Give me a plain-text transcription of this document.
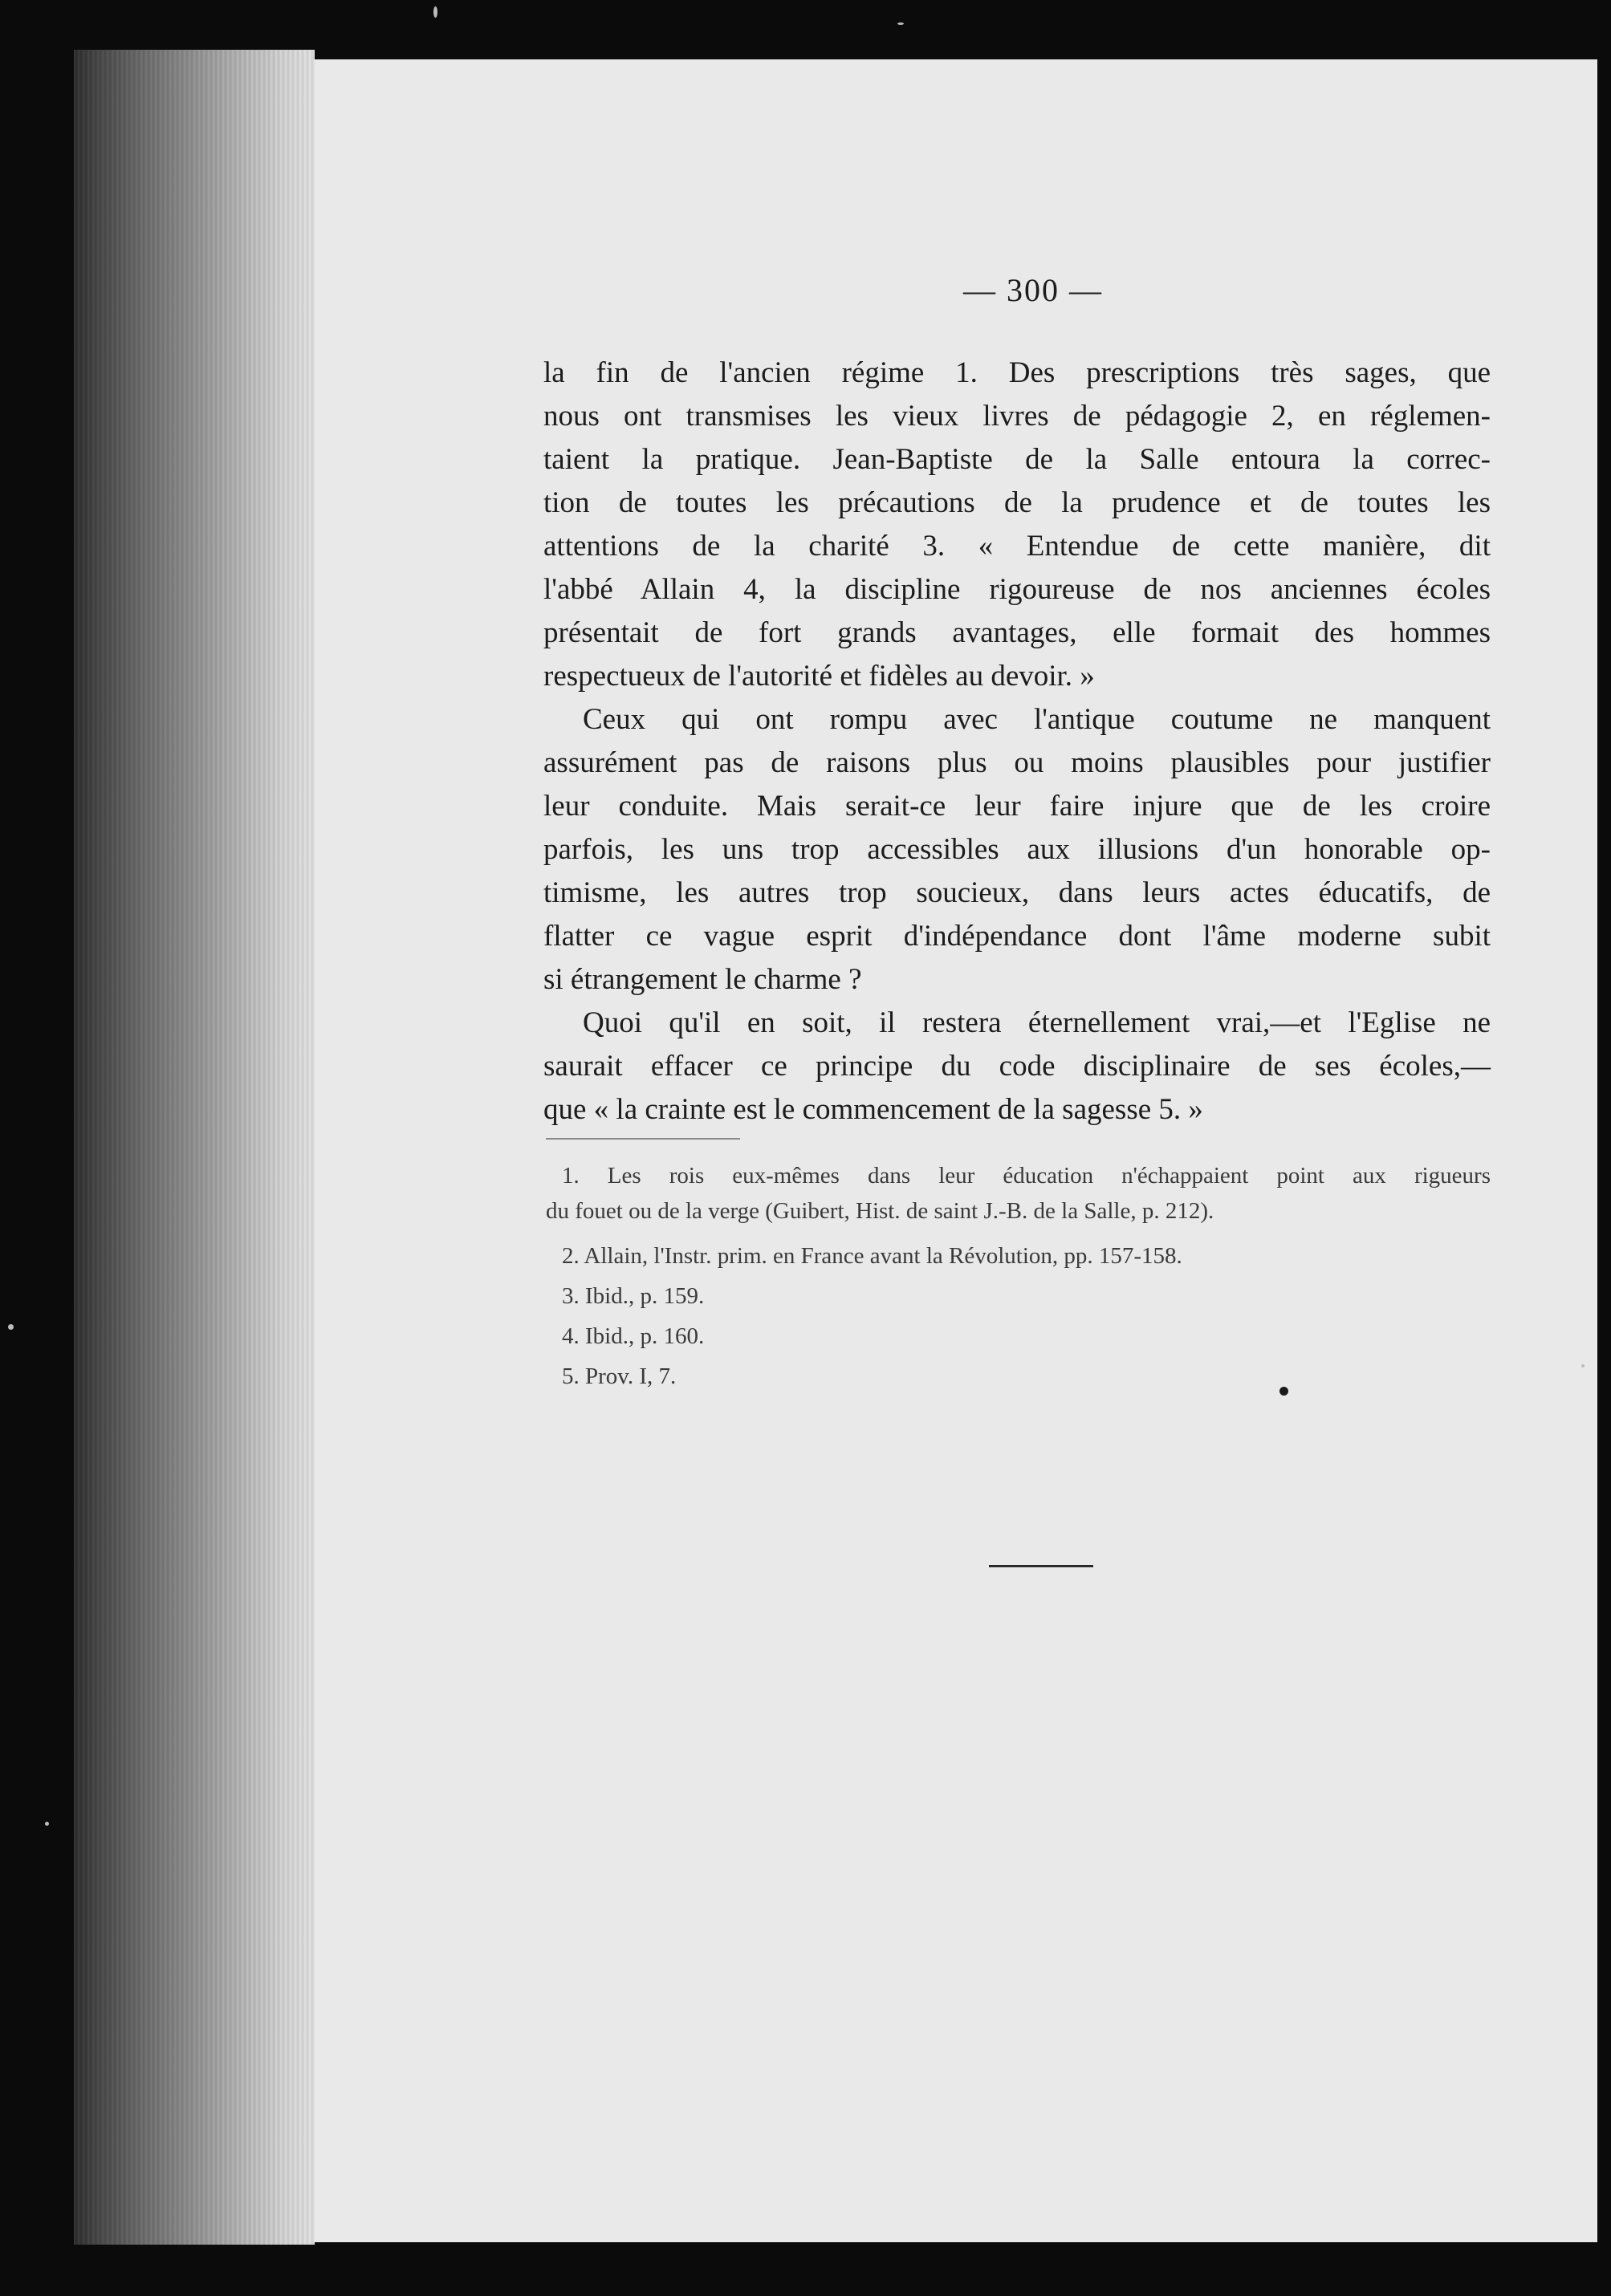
— 300 —
la fin de l'ancien régime 1. Des prescriptions très sages, que
nous ont transmises les vieux livres de pédagogie 2, en réglemen-
taient la pratique. Jean-Baptiste de la Salle entoura la correc-
tion de toutes les précautions de la prudence et de toutes les
attentions de la charité 3. « Entendue de cette manière, dit
l'abbé Allain 4, la discipline rigoureuse de nos anciennes écoles
présentait de fort grands avantages, elle formait des hommes
respectueux de l'autorité et fidèles au devoir. »
Ceux qui ont rompu avec l'antique coutume ne manquent
assurément pas de raisons plus ou moins plausibles pour justifier
leur conduite. Mais serait-ce leur faire injure que de les croire
parfois, les uns trop accessibles aux illusions d'un honorable op-
timisme, les autres trop soucieux, dans leurs actes éducatifs, de
flatter ce vague esprit d'indépendance dont l'âme moderne subit
si étrangement le charme ?
Quoi qu'il en soit, il restera éternellement vrai,—et l'Eglise ne
saurait effacer ce principe du code disciplinaire de ses écoles,—
que « la crainte est le commencement de la sagesse 5. »
1. Les rois eux-mêmes dans leur éducation n'échappaient point aux rigueurs
du fouet ou de la verge (Guibert, Hist. de saint J.-B. de la Salle, p. 212).
2. Allain, l'Instr. prim. en France avant la Révolution, pp. 157-158.
3. Ibid., p. 159.
4. Ibid., p. 160.
5. Prov. I, 7.
